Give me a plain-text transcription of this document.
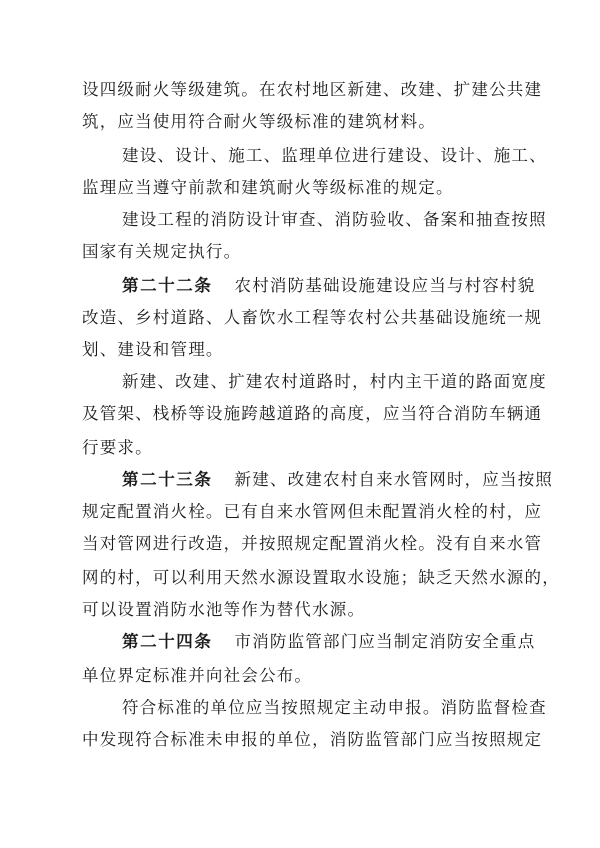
设四级耐火等级建筑。在农村地区新建、改建、扩建公共建
筑，应当使用符合耐火等级标准的建筑材料。
建设、设计、施工、监理单位进行建设、设计、施工、
监理应当遵守前款和建筑耐火等级标准的规定。
建设工程的消防设计审查、消防验收、备案和抽查按照
国家有关规定执行。
第二十二条 农村消防基础设施建设应当与村容村貌
改造、乡村道路、人畜饮水工程等农村公共基础设施统一规
划、建设和管理。
新建、改建、扩建农村道路时，村内主干道的路面宽度
及管架、栈桥等设施跨越道路的高度，应当符合消防车辆通
行要求。
第二十三条 新建、改建农村自来水管网时，应当按照
规定配置消火栓。已有自来水管网但未配置消火栓的村，应
当对管网进行改造，并按照规定配置消火栓。没有自来水管
网的村，可以利用天然水源设置取水设施；缺乏天然水源的，
可以设置消防水池等作为替代水源。
第二十四条 市消防监管部门应当制定消防安全重点
单位界定标准并向社会公布。
符合标准的单位应当按照规定主动申报。消防监督检查
中发现符合标准未申报的单位，消防监管部门应当按照规定
